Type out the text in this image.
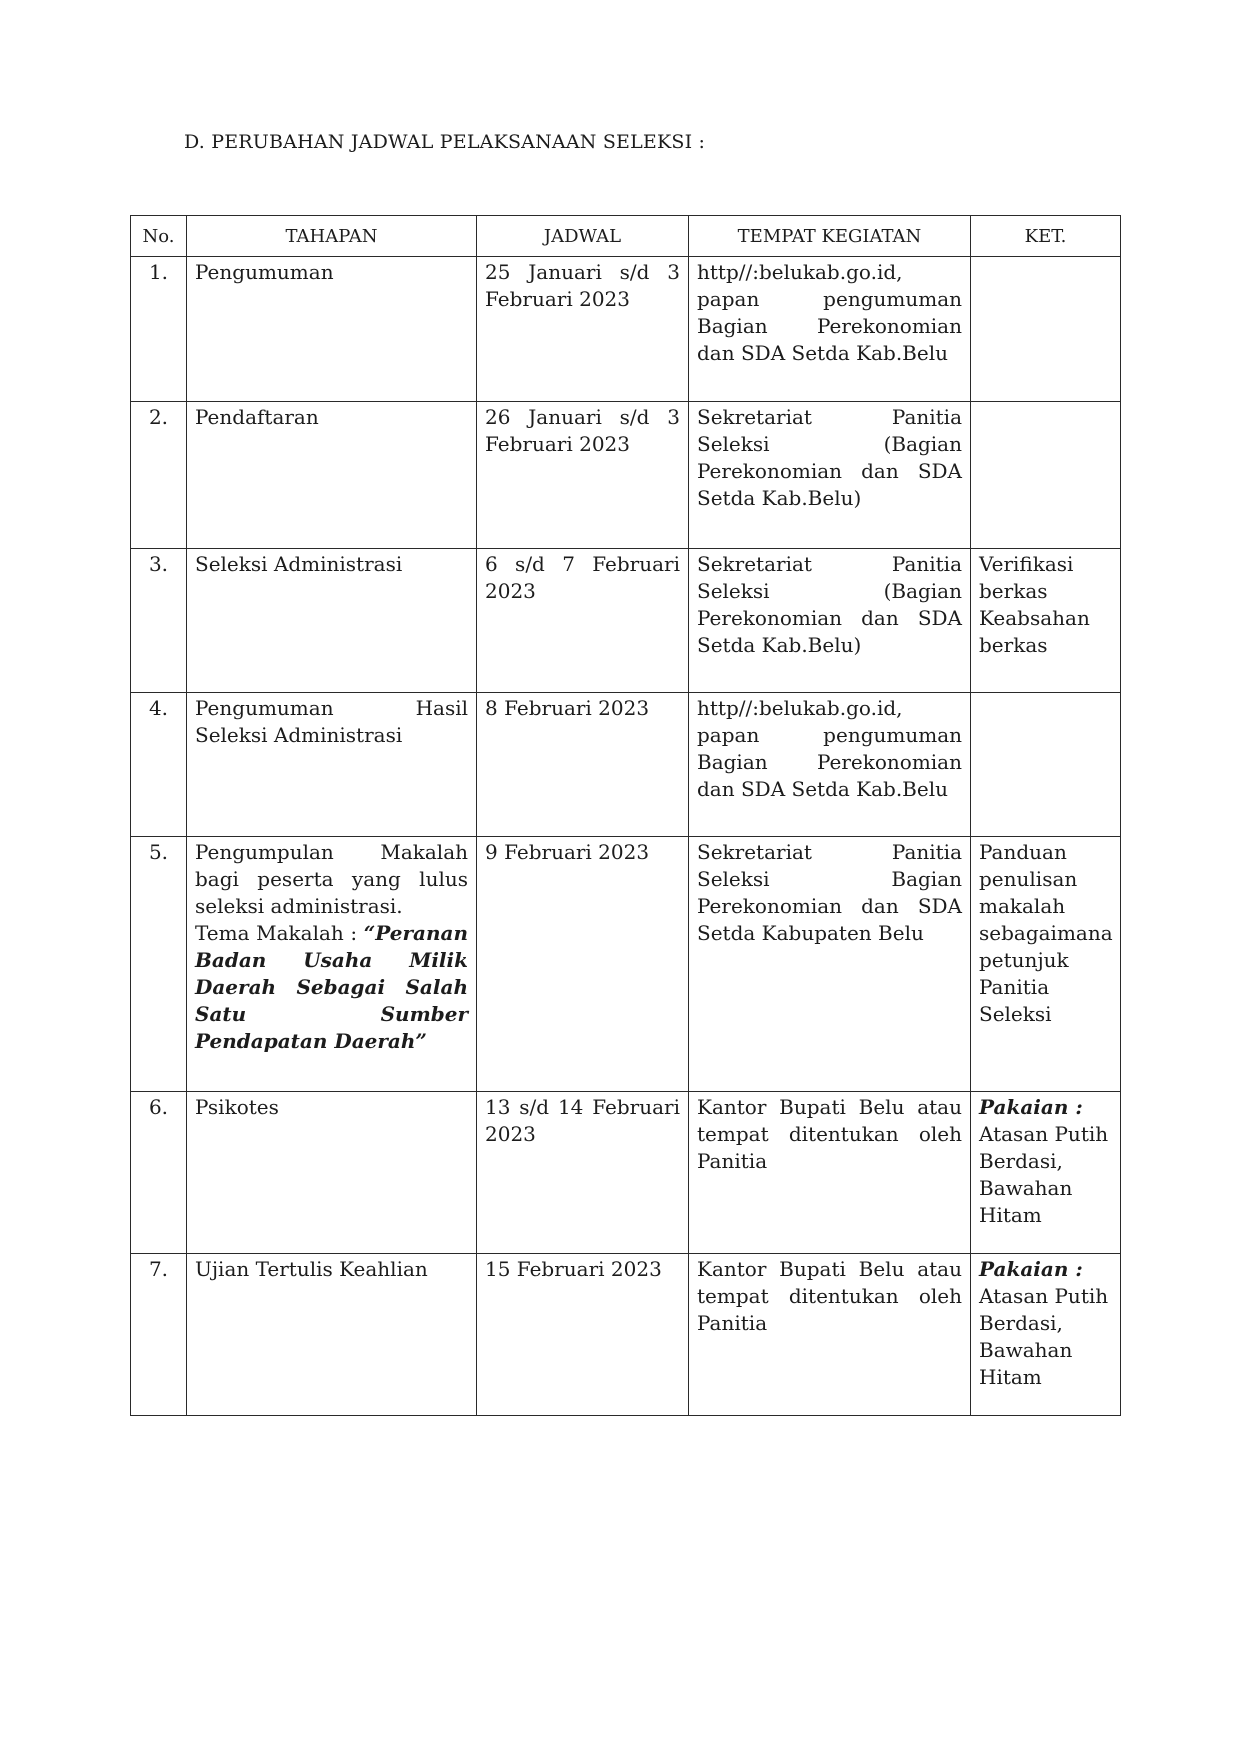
D. PERUBAHAN JADWAL PELAKSANAAN SELEKSI :
No.	TAHAPAN	JADWAL	TEMPAT KEGIATAN	KET.
1.	Pengumuman	25 Januari s/d 3 Februari 2023	http//:belukab.go.id, papan pengumuman Bagian Perekonomian dan SDA Setda Kab.Belu	
2.	Pendaftaran	26 Januari s/d 3 Februari 2023	Sekretariat Panitia Seleksi (Bagian Perekonomian dan SDA Setda Kab.Belu)	
3.	Seleksi Administrasi	6 s/d 7 Februari 2023	Sekretariat Panitia Seleksi (Bagian Perekonomian dan SDA Setda Kab.Belu)	Verifikasi berkas Keabsahan berkas
4.	Pengumuman Hasil Seleksi Administrasi	8 Februari 2023	http//:belukab.go.id, papan pengumuman Bagian Perekonomian dan SDA Setda Kab.Belu	
5.	Pengumpulan Makalah bagi peserta yang lulus seleksi administrasi.
Tema Makalah : “Peranan Badan Usaha Milik Daerah Sebagai Salah Satu Sumber Pendapatan Daerah”	9 Februari 2023	Sekretariat Panitia Seleksi Bagian Perekonomian dan SDA Setda Kabupaten Belu	Panduan penulisan makalah sebagaimana petunjuk Panitia Seleksi
6.	Psikotes	13 s/d 14 Februari 2023	Kantor Bupati Belu atau tempat ditentukan oleh Panitia	Pakaian :
Atasan Putih Berdasi, Bawahan Hitam
7.	Ujian Tertulis Keahlian	15 Februari 2023	Kantor Bupati Belu atau tempat ditentukan oleh Panitia	Pakaian :
Atasan Putih Berdasi, Bawahan Hitam
